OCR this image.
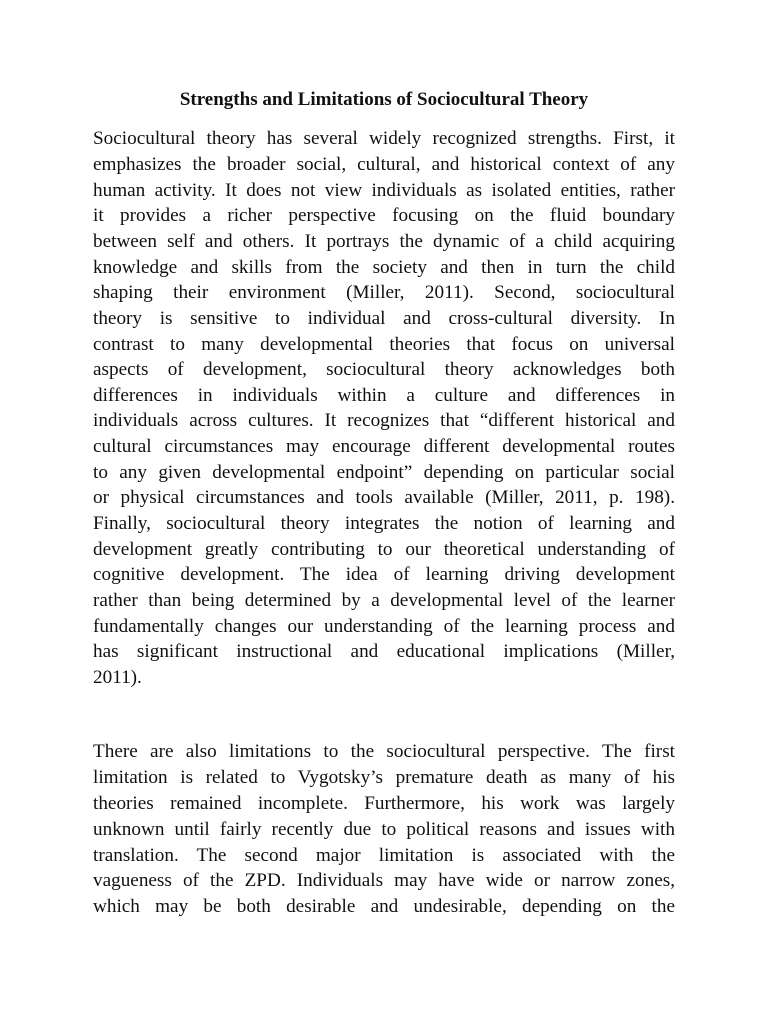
Strengths and Limitations of Sociocultural Theory

Sociocultural theory has several widely recognized strengths. First, it

emphasizes the broader social, cultural, and historical context of any

human activity. It does not view individuals as isolated entities, rather

it provides a richer perspective focusing on the fluid boundary

between self and others. It portrays the dynamic of a child acquiring

knowledge and skills from the society and then in turn the child

shaping their environment (Miller, 2011). Second, sociocultural

theory is sensitive to individual and cross-cultural diversity. In

contrast to many developmental theories that focus on universal

aspects of development, sociocultural theory acknowledges both

differences in individuals within a culture and differences in

individuals across cultures. It recognizes that “different historical and

cultural circumstances may encourage different developmental routes

to any given developmental endpoint” depending on particular social

or physical circumstances and tools available (Miller, 2011, p. 198).

Finally, sociocultural theory integrates the notion of learning and

development greatly contributing to our theoretical understanding of

cognitive development. The idea of learning driving development

rather than being determined by a developmental level of the learner

fundamentally changes our understanding of the learning process and

has significant instructional and educational implications (Miller,

2011).

There are also limitations to the sociocultural perspective. The first

limitation is related to Vygotsky’s premature death as many of his

theories remained incomplete. Furthermore, his work was largely

unknown until fairly recently due to political reasons and issues with

translation. The second major limitation is associated with the

vagueness of the ZPD. Individuals may have wide or narrow zones,

which may be both desirable and undesirable, depending on the
